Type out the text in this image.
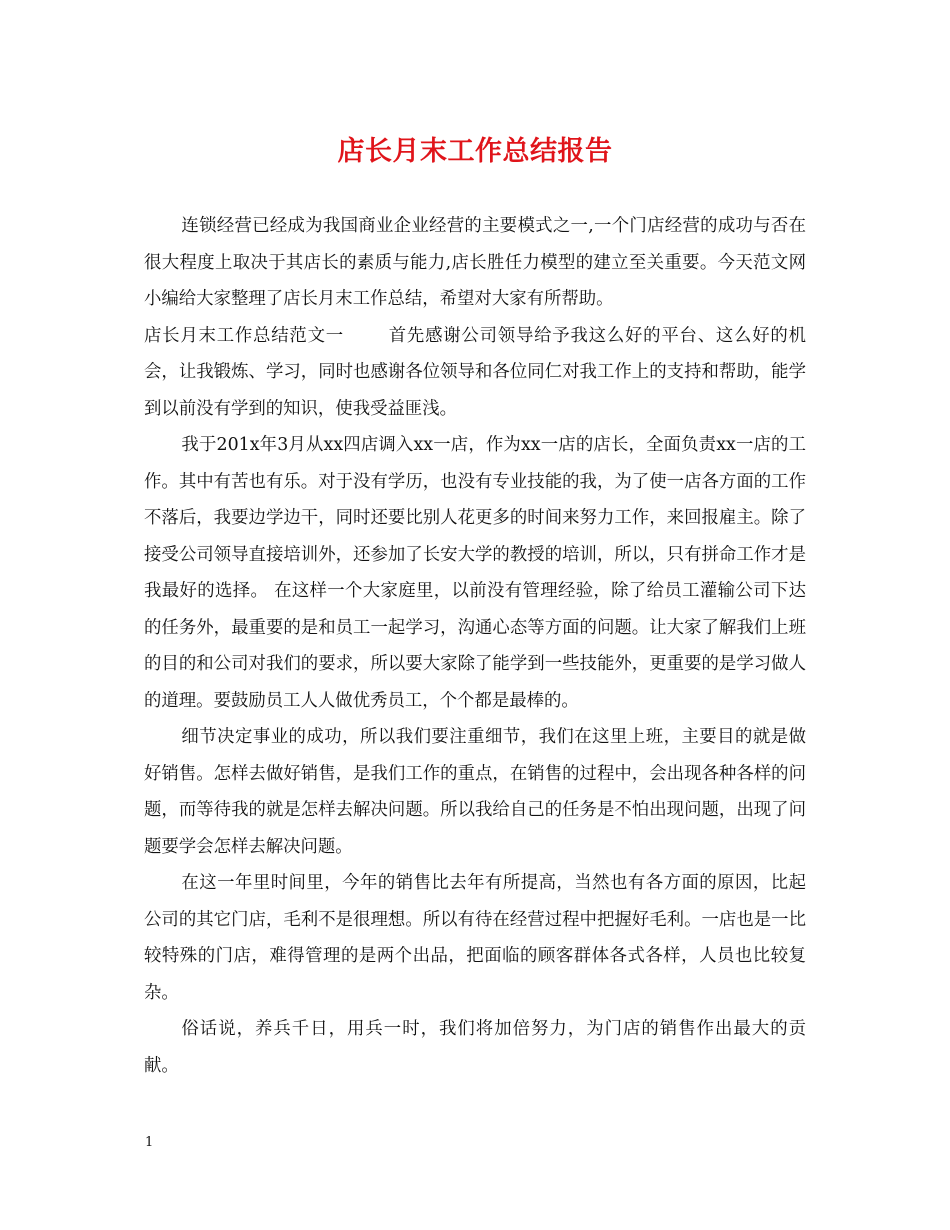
店长月末工作总结报告

连锁经营已经成为我国商业企业经营的主要模式之一,一个门店经营的成功与否在很大程度上取决于其店长的素质与能力,店长胜任力模型的建立至关重要。今天范文网小编给大家整理了店长月末工作总结，希望对大家有所帮助。

店长月末工作总结范文一	首先感谢公司领导给予我这么好的平台、这么好的机会，让我锻炼、学习，同时也感谢各位领导和各位同仁对我工作上的支持和帮助，能学到以前没有学到的知识，使我受益匪浅。

我于201x年3月从xx四店调入xx一店，作为xx一店的店长，全面负责xx一店的工作。其中有苦也有乐。对于没有学历，也没有专业技能的我，为了使一店各方面的工作不落后，我要边学边干，同时还要比别人花更多的时间来努力工作，来回报雇主。除了接受公司领导直接培训外，还参加了长安大学的教授的培训，所以，只有拼命工作才是我最好的选择。 在这样一个大家庭里，以前没有管理经验，除了给员工灌输公司下达的任务外，最重要的是和员工一起学习，沟通心态等方面的问题。让大家了解我们上班的目的和公司对我们的要求，所以要大家除了能学到一些技能外，更重要的是学习做人的道理。要鼓励员工人人做优秀员工，个个都是最棒的。

细节决定事业的成功，所以我们要注重细节，我们在这里上班，主要目的就是做好销售。怎样去做好销售，是我们工作的重点，在销售的过程中，会出现各种各样的问题，而等待我的就是怎样去解决问题。所以我给自己的任务是不怕出现问题，出现了问题要学会怎样去解决问题。

在这一年里时间里，今年的销售比去年有所提高，当然也有各方面的原因，比起公司的其它门店，毛利不是很理想。所以有待在经营过程中把握好毛利。一店也是一比较特殊的门店，难得管理的是两个出品，把面临的顾客群体各式各样，人员也比较复杂。

俗话说，养兵千日，用兵一时，我们将加倍努力，为门店的销售作出最大的贡献。

1
